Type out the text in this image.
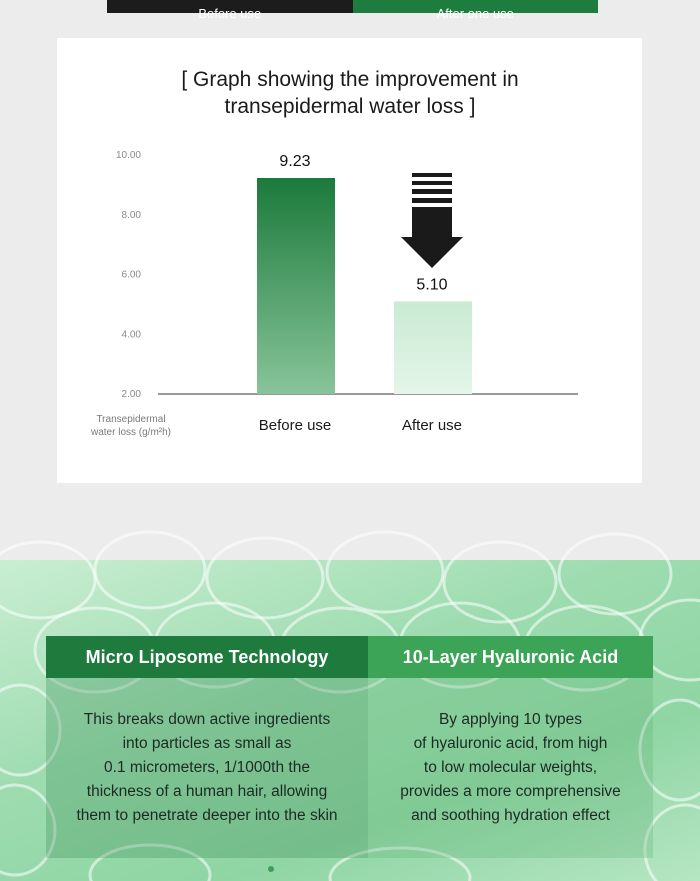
Before use	After one use
[ Graph showing the improvement in
transepidermal water loss ]
10.00
8.00
6.00
4.00
2.00
9.23
Before use
5.10
After use
Transepidermal
water loss (g/m²h)
Micro Liposome Technology
This breaks down active ingredients
into particles as small as
0.1 micrometers, 1/1000th the
thickness of a human hair, allowing
them to penetrate deeper into the skin
10-Layer Hyaluronic Acid
By applying 10 types
of hyaluronic acid, from high
to low molecular weights,
provides a more comprehensive
and soothing hydration effect
